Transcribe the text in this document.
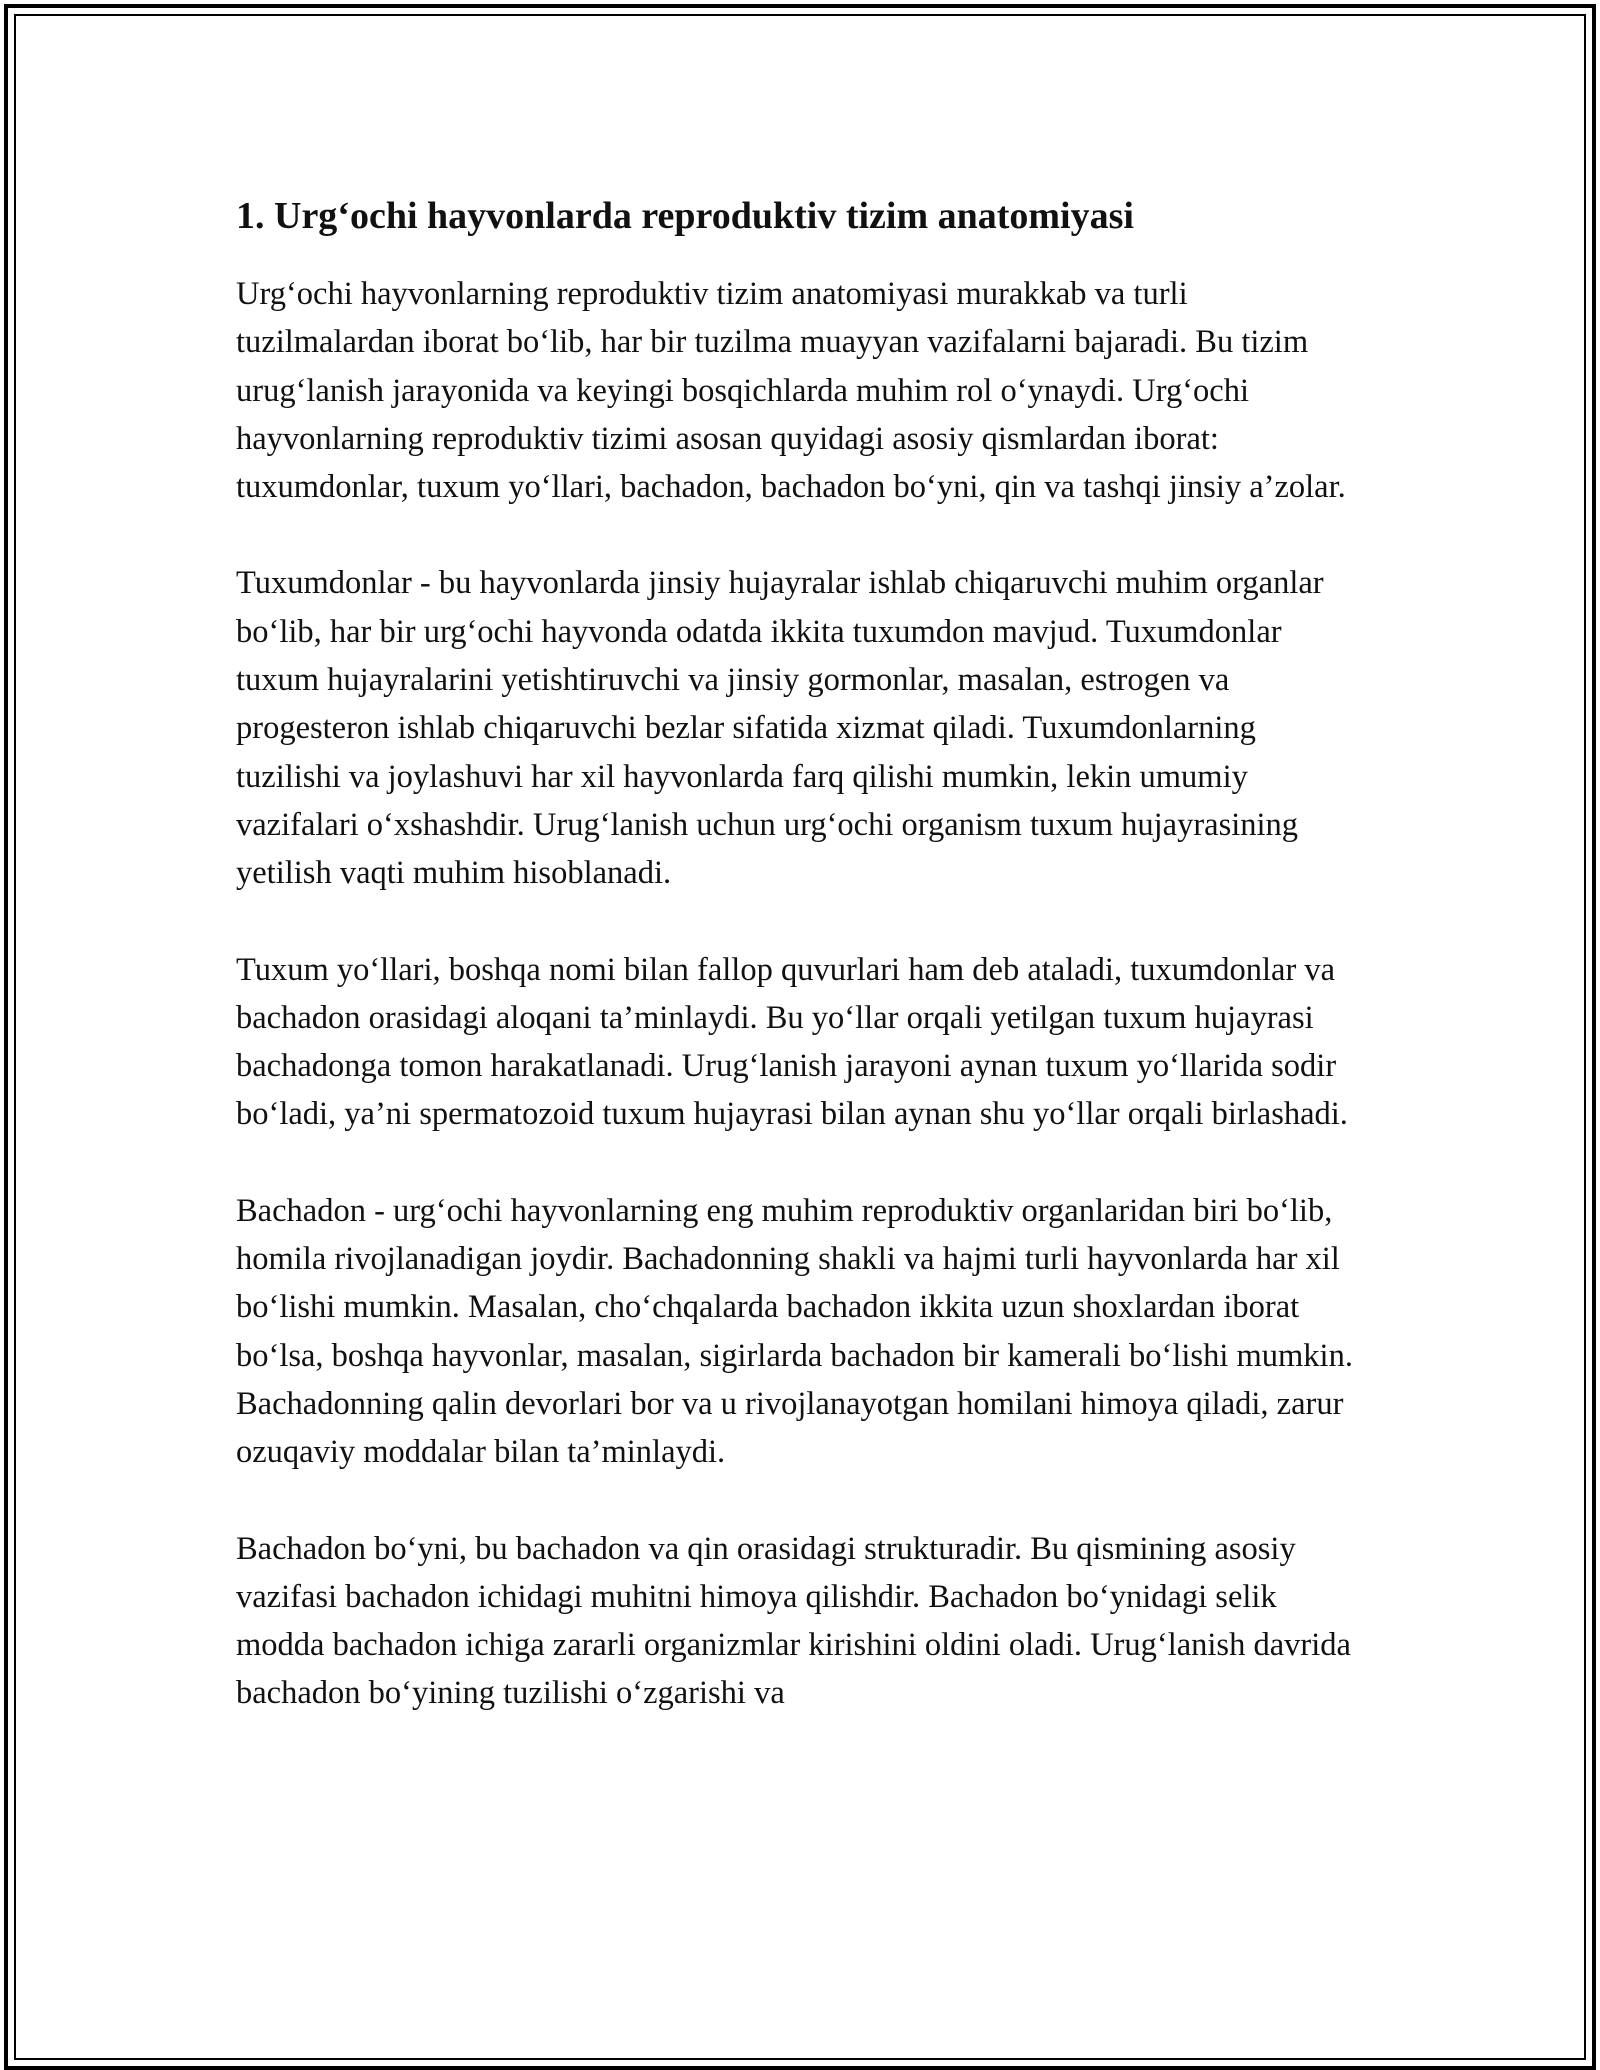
1. Urg‘ochi hayvonlarda reproduktiv tizim anatomiyasi

Urg‘ochi hayvonlarning reproduktiv tizim anatomiyasi murakkab va turli tuzilmalardan iborat bo‘lib, har bir tuzilma muayyan vazifalarni bajaradi. Bu tizim urug‘lanish jarayonida va keyingi bosqichlarda muhim rol o‘ynaydi. Urg‘ochi hayvonlarning reproduktiv tizimi asosan quyidagi asosiy qismlardan iborat: tuxumdonlar, tuxum yo‘llari, bachadon, bachadon bo‘yni, qin va tashqi jinsiy a’zolar.

Tuxumdonlar - bu hayvonlarda jinsiy hujayralar ishlab chiqaruvchi muhim organlar bo‘lib, har bir urg‘ochi hayvonda odatda ikkita tuxumdon mavjud. Tuxumdonlar tuxum hujayralarini yetishtiruvchi va jinsiy gormonlar, masalan, estrogen va progesteron ishlab chiqaruvchi bezlar sifatida xizmat qiladi. Tuxumdonlarning tuzilishi va joylashuvi har xil hayvonlarda farq qilishi mumkin, lekin umumiy vazifalari o‘xshashdir. Urug‘lanish uchun urg‘ochi organism tuxum hujayrasining yetilish vaqti muhim hisoblanadi.

Tuxum yo‘llari, boshqa nomi bilan fallop quvurlari ham deb ataladi, tuxumdonlar va bachadon orasidagi aloqani ta’minlaydi. Bu yo‘llar orqali yetilgan tuxum hujayrasi bachadonga tomon harakatlanadi. Urug‘lanish jarayoni aynan tuxum yo‘llarida sodir bo‘ladi, ya’ni spermatozoid tuxum hujayrasi bilan aynan shu yo‘llar orqali birlashadi.

Bachadon - urg‘ochi hayvonlarning eng muhim reproduktiv organlaridan biri bo‘lib, homila rivojlanadigan joydir. Bachadonning shakli va hajmi turli hayvonlarda har xil bo‘lishi mumkin. Masalan, cho‘chqalarda bachadon ikkita uzun shoxlardan iborat bo‘lsa, boshqa hayvonlar, masalan, sigirlarda bachadon bir kamerali bo‘lishi mumkin. Bachadonning qalin devorlari bor va u rivojlanayotgan homilani himoya qiladi, zarur ozuqaviy moddalar bilan ta’minlaydi.

Bachadon bo‘yni, bu bachadon va qin orasidagi strukturadir. Bu qismining asosiy vazifasi bachadon ichidagi muhitni himoya qilishdir. Bachadon bo‘ynidagi selik modda bachadon ichiga zararli organizmlar kirishini oldini oladi. Urug‘lanish davrida bachadon bo‘yining tuzilishi o‘zgarishi va
